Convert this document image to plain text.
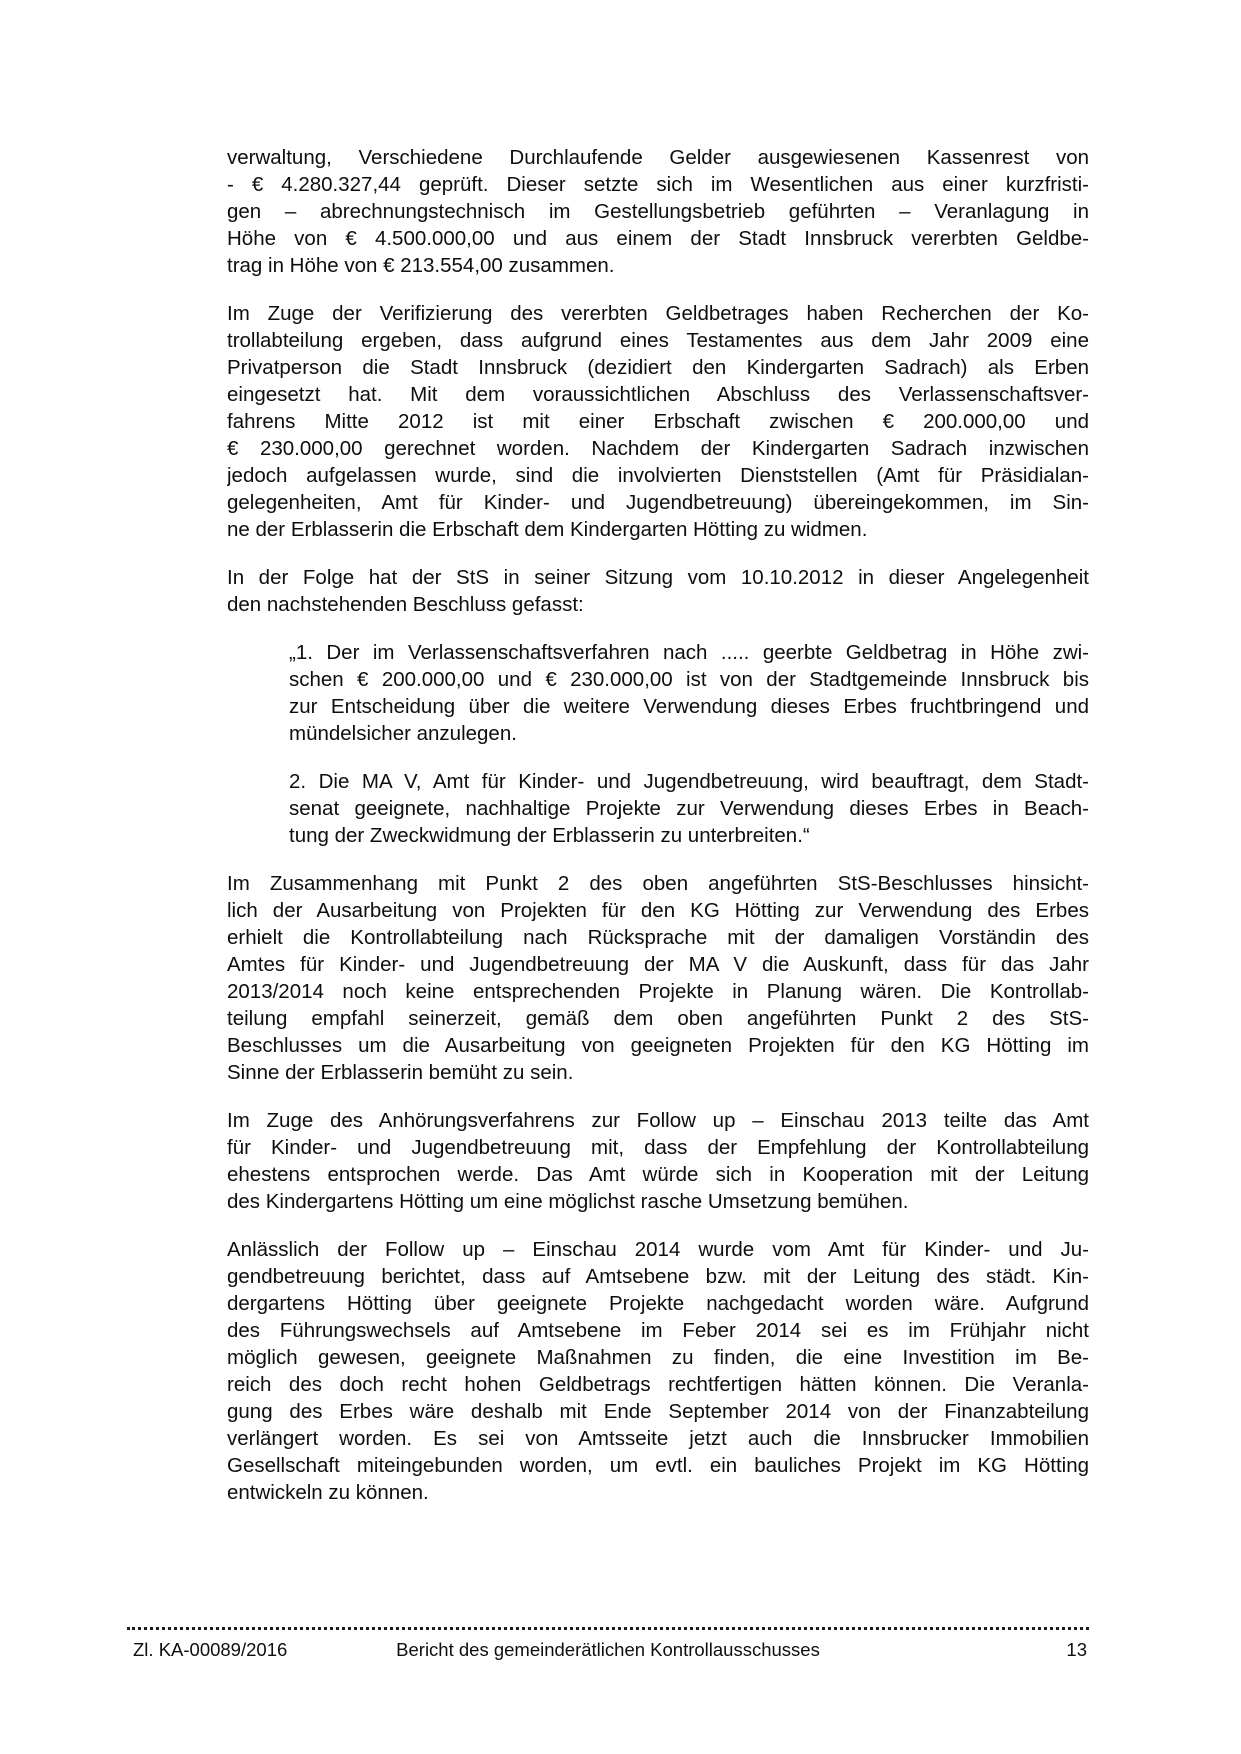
verwaltung, Verschiedene Durchlaufende Gelder ausgewiesenen Kassenrest von
- € 4.280.327,44 geprüft. Dieser setzte sich im Wesentlichen aus einer kurzfristi-
gen – abrechnungstechnisch im Gestellungsbetrieb geführten – Veranlagung in
Höhe von € 4.500.000,00 und aus einem der Stadt Innsbruck vererbten Geldbe-
trag in Höhe von € 213.554,00 zusammen.
Im Zuge der Verifizierung des vererbten Geldbetrages haben Recherchen der Ko-
trollabteilung ergeben, dass aufgrund eines Testamentes aus dem Jahr 2009 eine
Privatperson die Stadt Innsbruck (dezidiert den Kindergarten Sadrach) als Erben
eingesetzt hat. Mit dem voraussichtlichen Abschluss des Verlassenschaftsver-
fahrens Mitte 2012 ist mit einer Erbschaft zwischen € 200.000,00 und
€ 230.000,00 gerechnet worden. Nachdem der Kindergarten Sadrach inzwischen
jedoch aufgelassen wurde, sind die involvierten Dienststellen (Amt für Präsidialan-
gelegenheiten, Amt für Kinder- und Jugendbetreuung) übereingekommen, im Sin-
ne der Erblasserin die Erbschaft dem Kindergarten Hötting zu widmen.
In der Folge hat der StS in seiner Sitzung vom 10.10.2012 in dieser Angelegenheit
den nachstehenden Beschluss gefasst:
„1. Der im Verlassenschaftsverfahren nach ..... geerbte Geldbetrag in Höhe zwi-
schen € 200.000,00 und € 230.000,00 ist von der Stadtgemeinde Innsbruck bis
zur Entscheidung über die weitere Verwendung dieses Erbes fruchtbringend und
mündelsicher anzulegen.
2. Die MA V, Amt für Kinder- und Jugendbetreuung, wird beauftragt, dem Stadt-
senat geeignete, nachhaltige Projekte zur Verwendung dieses Erbes in Beach-
tung der Zweckwidmung der Erblasserin zu unterbreiten.“
Im Zusammenhang mit Punkt 2 des oben angeführten StS-Beschlusses hinsicht-
lich der Ausarbeitung von Projekten für den KG Hötting zur Verwendung des Erbes
erhielt die Kontrollabteilung nach Rücksprache mit der damaligen Vorständin des
Amtes für Kinder- und Jugendbetreuung der MA V die Auskunft, dass für das Jahr
2013/2014 noch keine entsprechenden Projekte in Planung wären. Die Kontrollab-
teilung empfahl seinerzeit, gemäß dem oben angeführten Punkt 2 des StS-
Beschlusses um die Ausarbeitung von geeigneten Projekten für den KG Hötting im
Sinne der Erblasserin bemüht zu sein.
Im Zuge des Anhörungsverfahrens zur Follow up – Einschau 2013 teilte das Amt
für Kinder- und Jugendbetreuung mit, dass der Empfehlung der Kontrollabteilung
ehestens entsprochen werde. Das Amt würde sich in Kooperation mit der Leitung
des Kindergartens Hötting um eine möglichst rasche Umsetzung bemühen.
Anlässlich der Follow up – Einschau 2014 wurde vom Amt für Kinder- und Ju-
gendbetreuung berichtet, dass auf Amtsebene bzw. mit der Leitung des städt. Kin-
dergartens Hötting über geeignete Projekte nachgedacht worden wäre. Aufgrund
des Führungswechsels auf Amtsebene im Feber 2014 sei es im Frühjahr nicht
möglich gewesen, geeignete Maßnahmen zu finden, die eine Investition im Be-
reich des doch recht hohen Geldbetrags rechtfertigen hätten können. Die Veranla-
gung des Erbes wäre deshalb mit Ende September 2014 von der Finanzabteilung
verlängert worden. Es sei von Amtsseite jetzt auch die Innsbrucker Immobilien
Gesellschaft miteingebunden worden, um evtl. ein bauliches Projekt im KG Hötting
entwickeln zu können.
Zl. KA-00089/2016	Bericht des gemeinderätlichen Kontrollausschusses	13
